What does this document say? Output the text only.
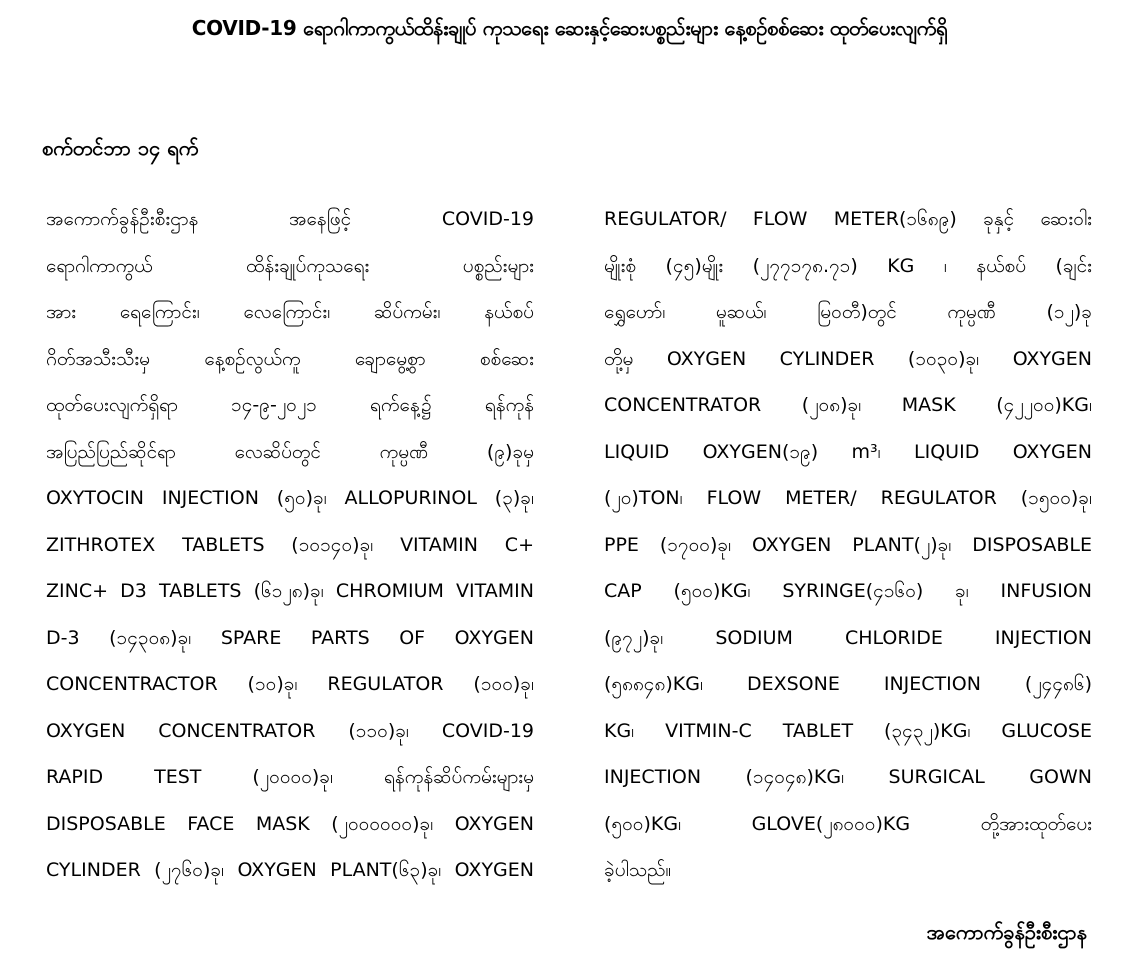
COVID-19 ရောဂါကာကွယ်ထိန်းချုပ် ကုသရေး ဆေးနှင့်ဆေးပစ္စည်းများ နေ့စဉ်စစ်ဆေး ထုတ်ပေးလျက်ရှိ
စက်တင်ဘာ ၁၄ ရက်
အကောက်ခွန်ဦးစီးဌာန အနေဖြင့် COVID-19
ရောဂါကာကွယ် ထိန်းချုပ်ကုသရေး ပစ္စည်းများ
အား ရေကြောင်း၊ လေကြောင်း၊ ဆိပ်ကမ်း၊ နယ်စပ်
ဂိတ်အသီးသီးမှ နေ့စဉ်လွယ်ကူ ချောမွေ့စွာ စစ်ဆေး
ထုတ်ပေးလျက်ရှိရာ ၁၄-၉-၂၀၂၁ ရက်နေ့၌ ရန်ကုန်
အပြည်ပြည်ဆိုင်ရာ လေဆိပ်တွင် ကုမ္ပဏီ (၉)ခုမှ
OXYTOCIN INJECTION (၅၀)ခု၊ ALLOPURINOL (၃)ခု၊
ZITHROTEX TABLETS (၁၀၁၄၀)ခု၊ VITAMIN C+
ZINC+ D3 TABLETS (၆၁၂၈)ခု၊ CHROMIUM VITAMIN
D-3 (၁၄၃၀၈)ခု၊ SPARE PARTS OF OXYGEN
CONCENTRACTOR (၁၀)ခု၊ REGULATOR (၁၀၀)ခု၊
OXYGEN CONCENTRATOR (၁၁၀)ခု၊ COVID-19
RAPID TEST (၂၀၀၀၀)ခု၊ ရန်ကုန်ဆိပ်ကမ်းများမှ
DISPOSABLE FACE MASK (၂၀၀၀၀၀၀)ခု၊ OXYGEN
CYLINDER (၂၇၆၀)ခု၊ OXYGEN PLANT(၆၃)ခု၊ OXYGEN
REGULATOR/ FLOW METER(၁၆၈၉) ခုနှင့် ဆေးဝါး
မျိုးစုံ (၄၅)မျိုး (၂၇၇၁၇၈.၇၁) KG ၊ နယ်စပ် (ချင်း
ရွှေဟော်၊ မူဆယ်၊ မြဝတီ)တွင် ကုမ္ပဏီ (၁၂)ခု
တို့မှ OXYGEN CYLINDER (၁၀၃၀)ခု၊ OXYGEN
CONCENTRATOR (၂၀၈)ခု၊ MASK (၄၂၂၀၀)KG၊
LIQUID OXYGEN(၁၉) m³၊ LIQUID OXYGEN
(၂၀)TON၊ FLOW METER/ REGULATOR (၁၅၀၀)ခု၊
PPE (၁၇၀၀)ခု၊ OXYGEN PLANT(၂)ခု၊ DISPOSABLE
CAP (၅၀၀)KG၊ SYRINGE(၄၁၆၀) ခု၊ INFUSION
(၉၇၂)ခု၊ SODIUM CHLORIDE INJECTION
(၅၈၈၄၈)KG၊ DEXSONE INJECTION (၂၄၄၈၆)
KG၊ VITMIN-C TABLET (၃၄၃၂)KG၊ GLUCOSE
INJECTION (၁၄၀၄၈)KG၊ SURGICAL GOWN
(၅၀၀)KG၊ GLOVE(၂၈၀၀၀)KG တို့အားထုတ်ပေး
ခဲ့ပါသည်။
အကောက်ခွန်ဦးစီးဌာန
